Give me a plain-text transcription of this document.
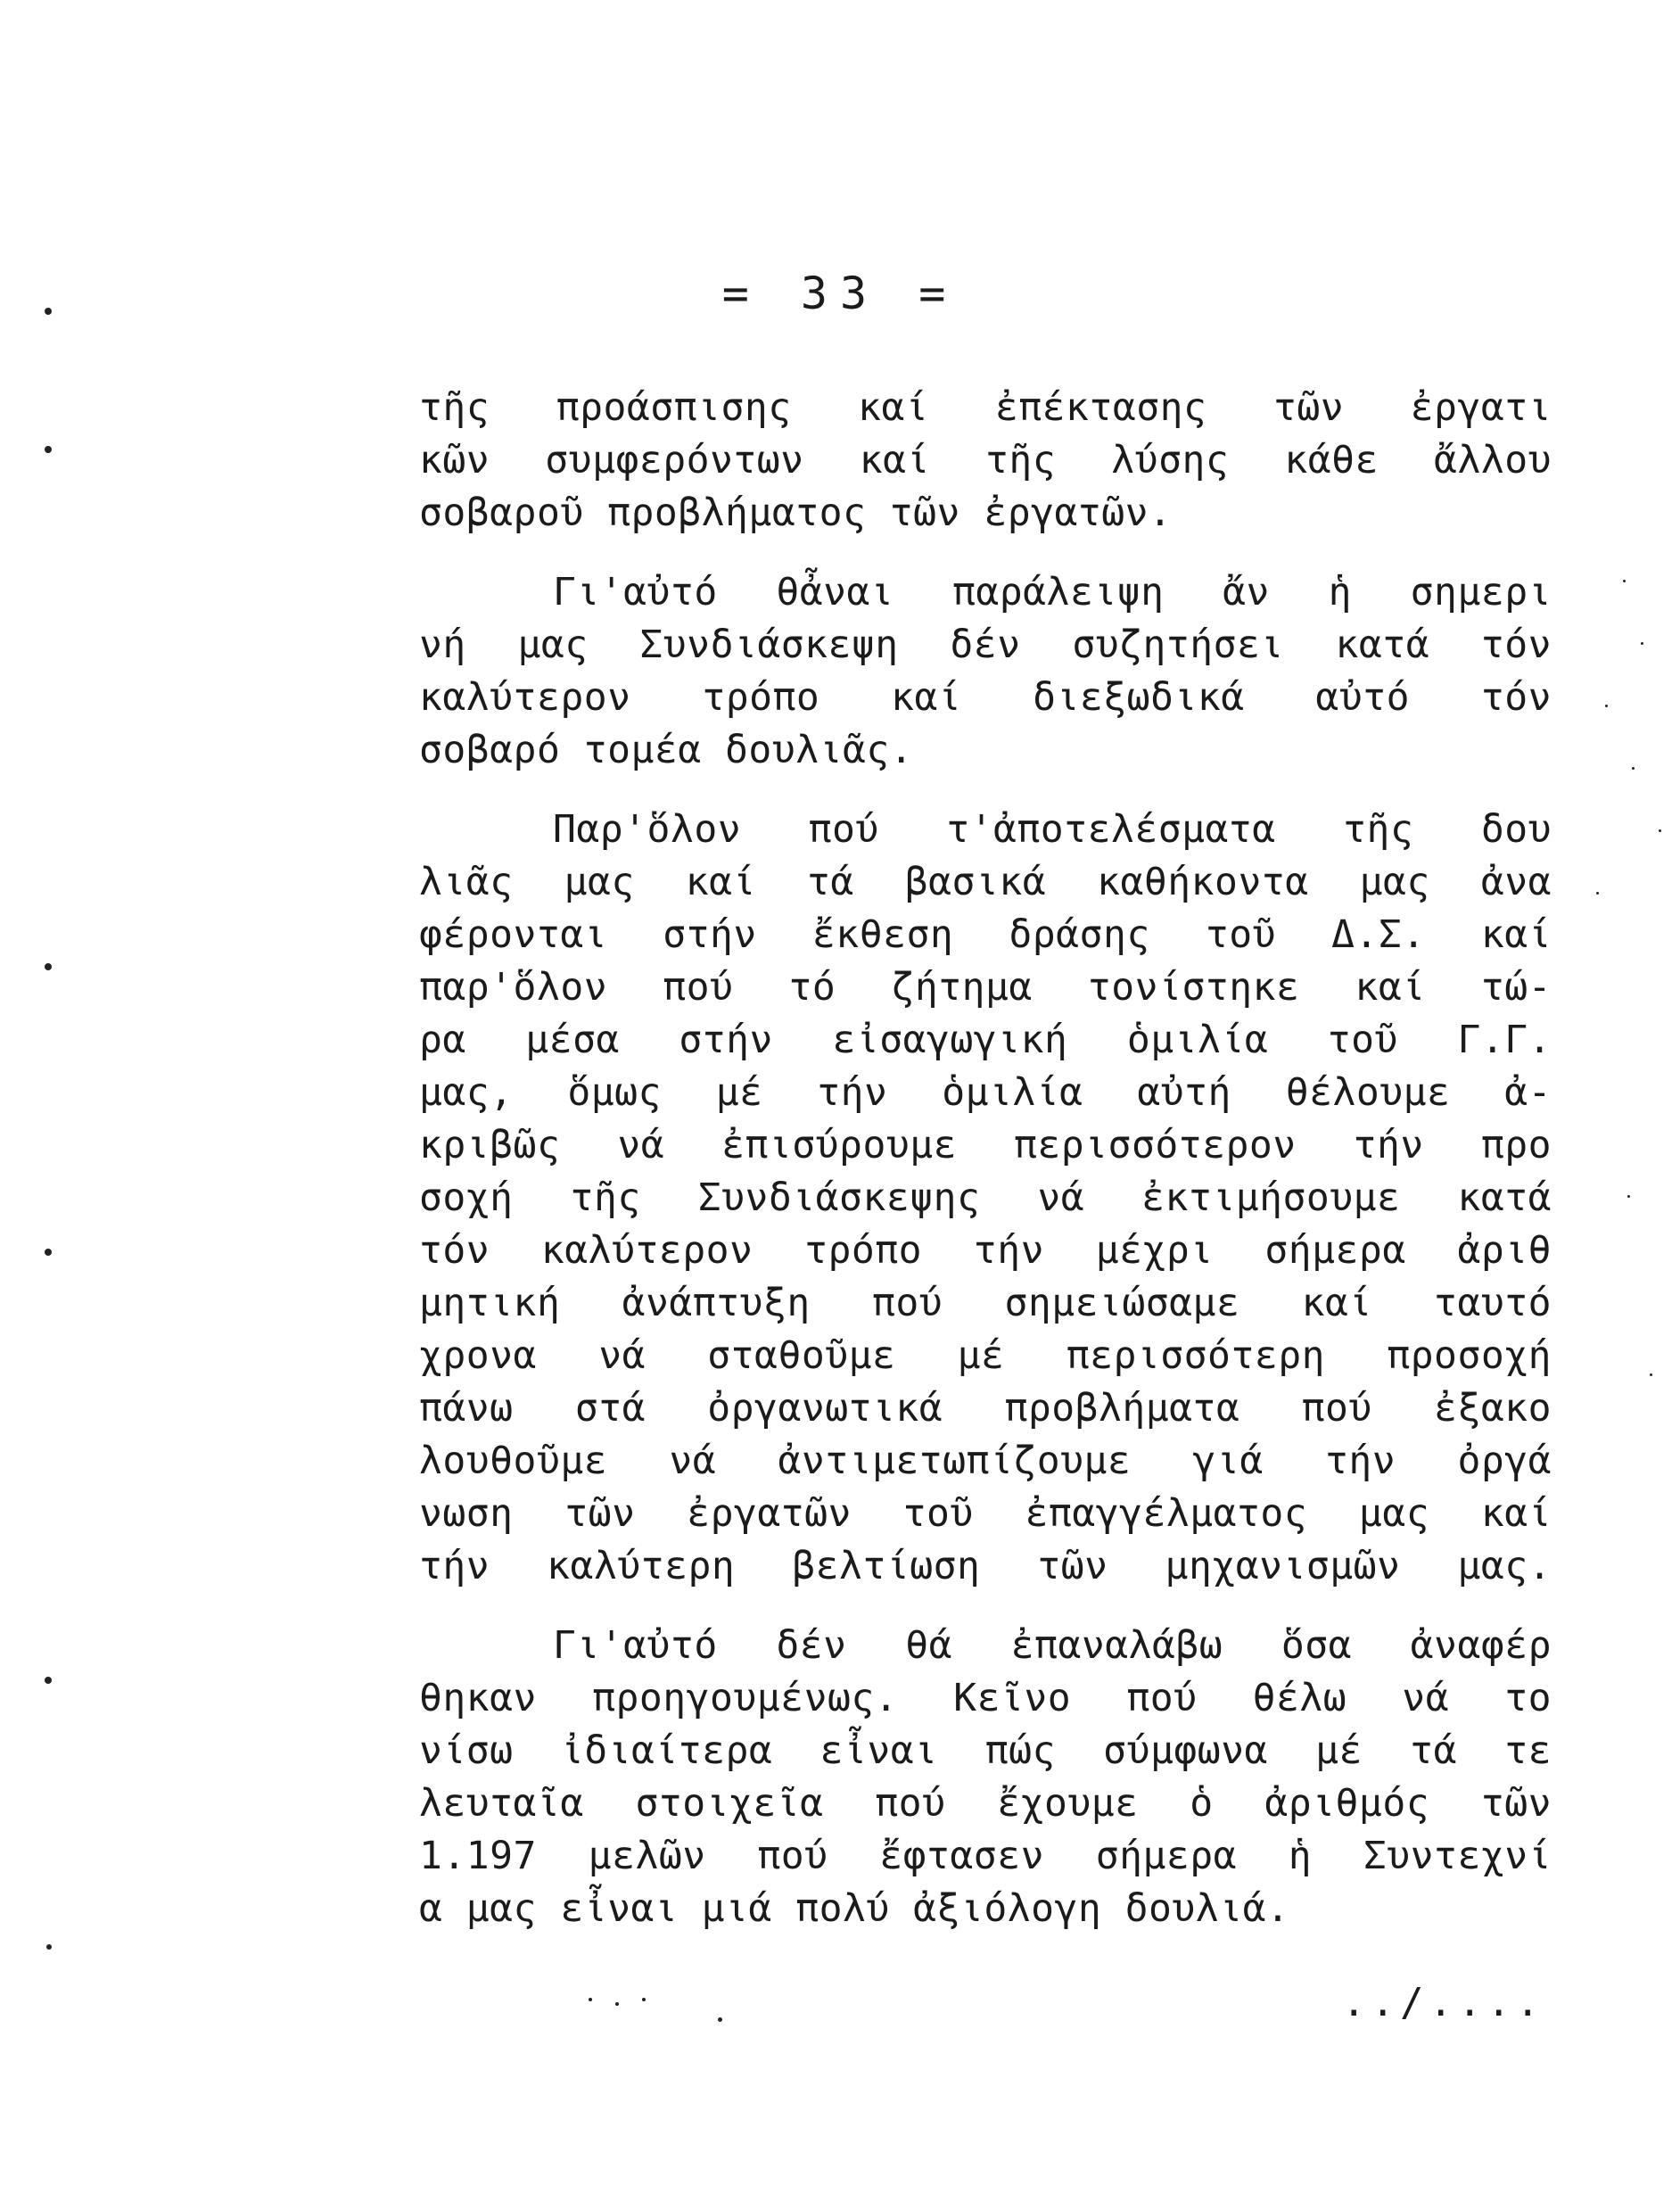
= 33 =
τῆς προάσπισης καί ἐπέκτασης τῶν ἐργατι
κῶν συμφερόντων καί τῆς λύσης κάθε ἄλλου
σοβαροῦ προβλήματος τῶν ἐργατῶν.
Γι'αὐτό θἆναι παράλειψη ἄν ἡ σημερι
νή μας Συνδιάσκεψη δέν συζητήσει κατά τόν
καλύτερον τρόπο καί διεξωδικά αὐτό τόν
σοβαρό τομέα δουλιᾶς.
Παρ'ὅλον πού τ'ἀποτελέσματα τῆς δου
λιᾶς μας καί τά βασικά καθήκοντα μας ἀνα
φέρονται στήν ἔκθεση δράσης τοῦ Δ.Σ. καί
παρ'ὅλον πού τό ζήτημα τονίστηκε καί τώ-
ρα μέσα στήν εἰσαγωγική ὁμιλία τοῦ Γ.Γ.
μας, ὅμως μέ τήν ὁμιλία αὐτή θέλουμε ἀ-
κριβῶς νά ἐπισύρουμε περισσότερον τήν προ
σοχή τῆς Συνδιάσκεψης νά ἐκτιμήσουμε κατά
τόν καλύτερον τρόπο τήν μέχρι σήμερα ἀριθ
μητική ἀνάπτυξη πού σημειώσαμε καί ταυτό
χρονα νά σταθοῦμε μέ περισσότερη προσοχή
πάνω στά ὀργανωτικά προβλήματα πού ἐξακο
λουθοῦμε νά ἀντιμετωπίζουμε γιά τήν ὀργά
νωση τῶν ἐργατῶν τοῦ ἐπαγγέλματος μας καί
τήν καλύτερη βελτίωση τῶν μηχανισμῶν μας.
Γι'αὐτό δέν θά ἐπαναλάβω ὅσα ἀναφέρ
θηκαν προηγουμένως. Κεῖνο πού θέλω νά το
νίσω ἰδιαίτερα εἶναι πώς σύμφωνα μέ τά τε
λευταῖα στοιχεῖα πού ἔχουμε ὁ ἀριθμός τῶν
1.197 μελῶν πού ἔφτασεν σήμερα ἡ Συντεχνί
α μας εἶναι μιά πολύ ἀξιόλογη δουλιά.
../....
